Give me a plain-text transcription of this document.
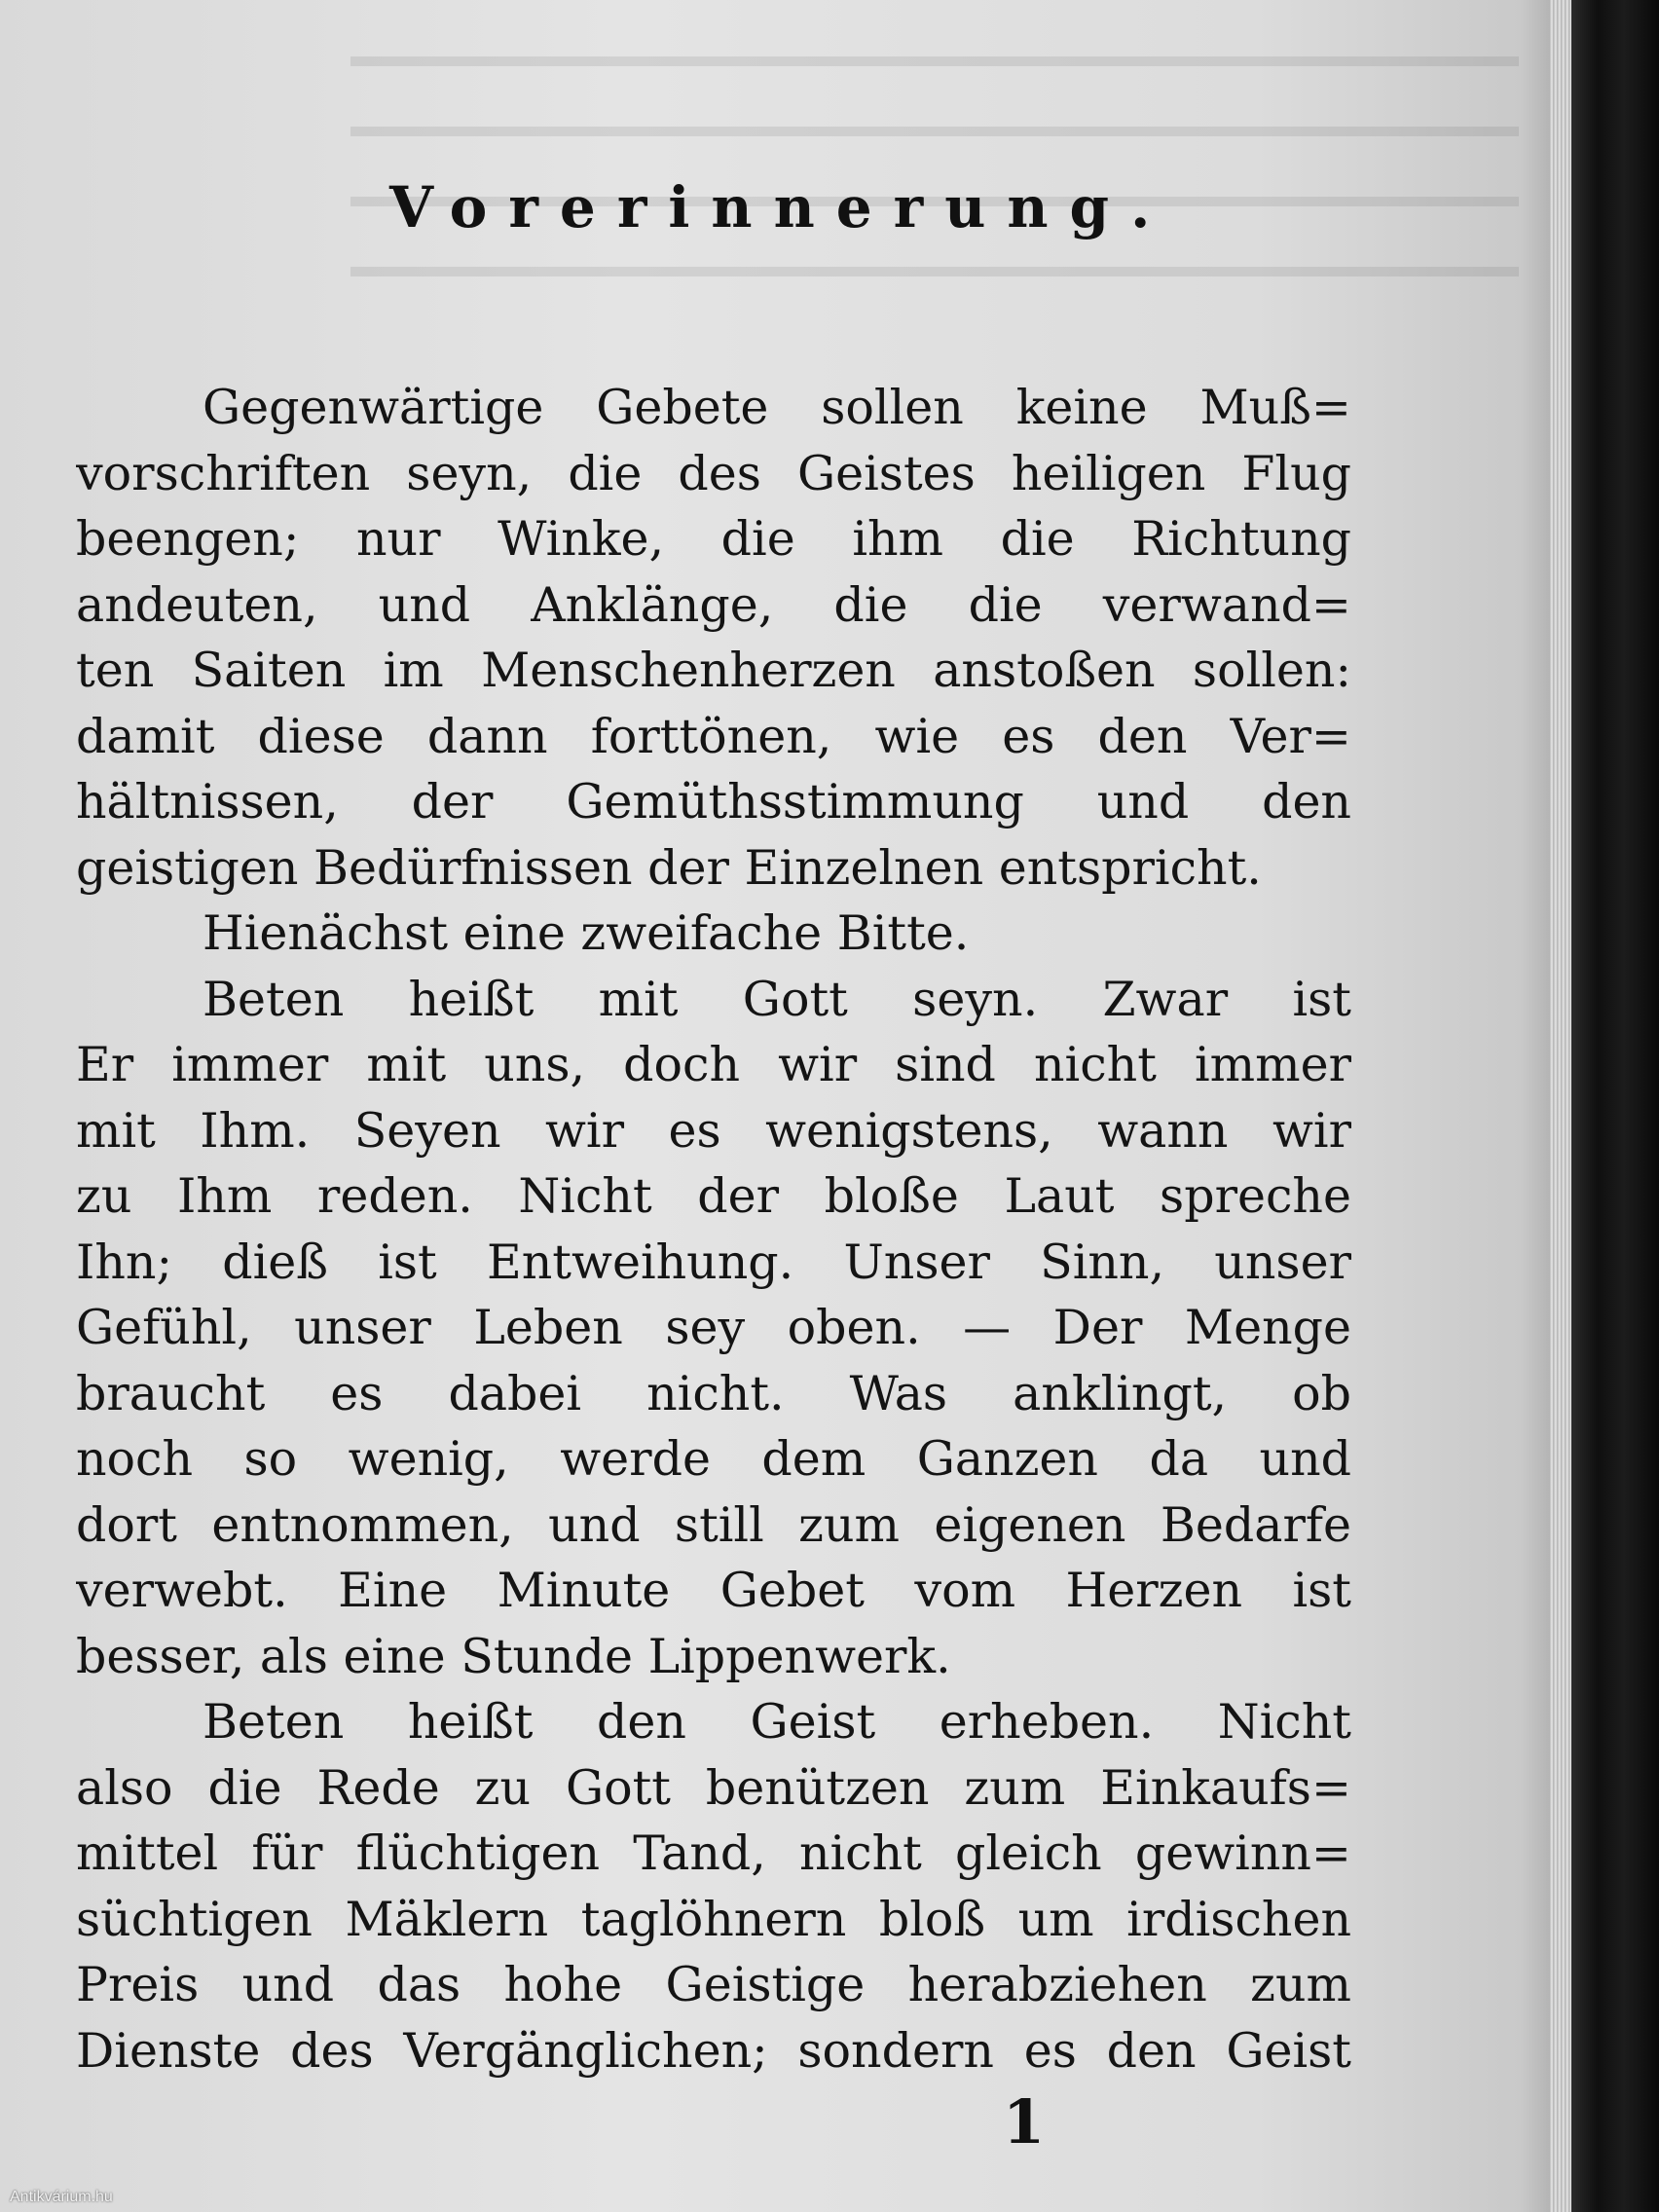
Vorerinnerung.
Gegenwärtige Gebete sollen keine Muß=
vorschriften seyn, die des Geistes heiligen Flug
beengen; nur Winke, die ihm die Richtung
andeuten, und Anklänge, die die verwand=
ten Saiten im Menschenherzen anstoßen sollen:
damit diese dann forttönen, wie es den Ver=
hältnissen, der Gemüthsstimmung und den
geistigen Bedürfnissen der Einzelnen entspricht.
Hienächst eine zweifache Bitte.
Beten heißt mit Gott seyn. Zwar ist
Er immer mit uns, doch wir sind nicht immer
mit Ihm. Seyen wir es wenigstens, wann wir
zu Ihm reden. Nicht der bloße Laut spreche
Ihn; dieß ist Entweihung. Unser Sinn, unser
Gefühl, unser Leben sey oben. — Der Menge
braucht es dabei nicht. Was anklingt, ob
noch so wenig, werde dem Ganzen da und
dort entnommen, und still zum eigenen Bedarfe
verwebt. Eine Minute Gebet vom Herzen ist
besser, als eine Stunde Lippenwerk.
Beten heißt den Geist erheben. Nicht
also die Rede zu Gott benützen zum Einkaufs=
mittel für flüchtigen Tand, nicht gleich gewinn=
süchtigen Mäklern taglöhnern bloß um irdischen
Preis und das hohe Geistige herabziehen zum
Dienste des Vergänglichen; sondern es den Geist
1
Antikvárium.hu
